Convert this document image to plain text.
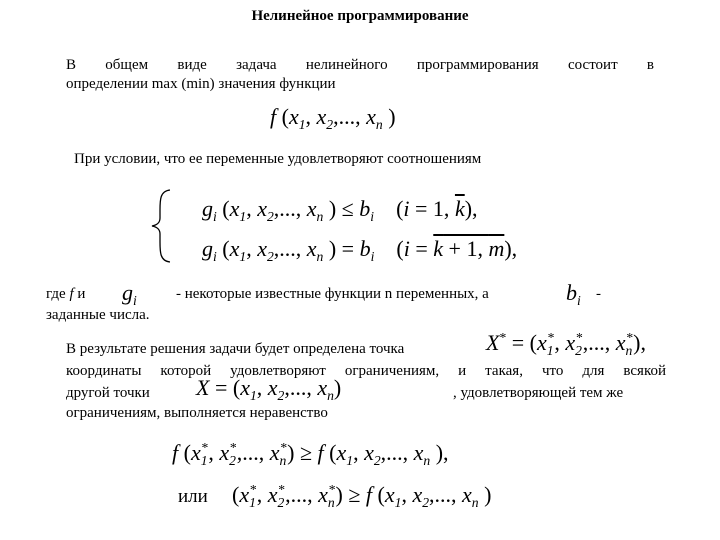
Нелинейное программирование
В общем виде задача нелинейного программирования состоит в
определении max (min) значения функции
f ($x_1$, $x_2$,..., $x_n$ )
При условии, что ее переменные удовлетворяют соотношениям
$g_i$ ($x_1$, $x_2$,..., $x_n$ ) ≤ $b_i$    (i = 1, $\overline{k}$),
$g_i$ ($x_1$, $x_2$,..., $x_n$ ) = $b_i$    (i = k + 1, m),
где f и $g_i$	- некоторые известные функции n переменных, а	$b_i$ -
заданные числа.
В результате решения задачи будет определена точка	$X^* = (x_1^*$, $x_2^*$,..., $x_n^*$),
координаты которой удовлетворяют ограничениям, и такая, что для всякой
другой точки $X = (x_1$, $x_2$,..., $x_n$)	, удовлетворяющей тем же
ограничениям, выполняется неравенство
f ($x_1^*$, $x_2^*$,..., $x_n^*) \ge f$ ($x_1$, $x_2$,..., $x_n$ ),
или ($x_1^*$, $x_2^*$,..., $x_n^*) \ge f$ ($x_1$, $x_2$,..., $x_n$ )
